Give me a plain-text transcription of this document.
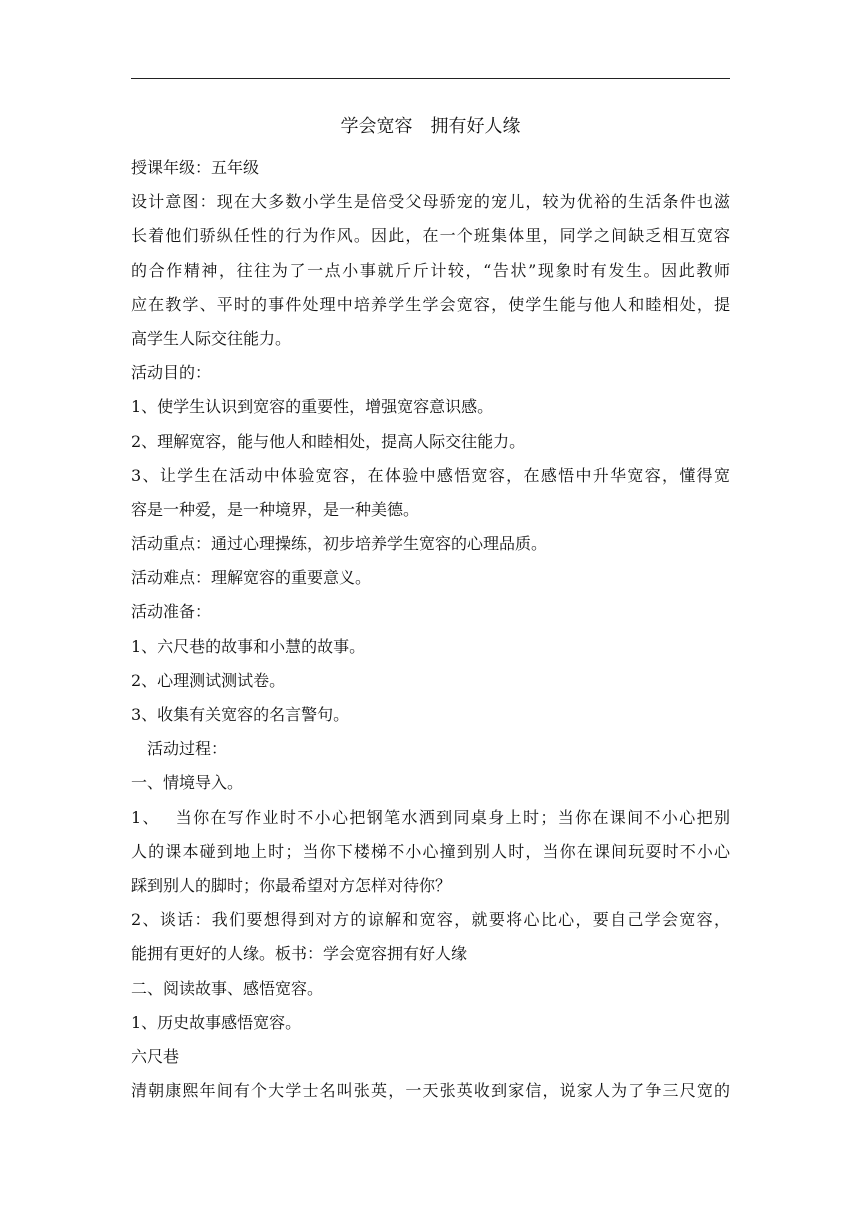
学会宽容　拥有好人缘
授课年级：五年级
设计意图：现在大多数小学生是倍受父母骄宠的宠儿，较为优裕的生活条件也滋
长着他们骄纵任性的行为作风。因此，在一个班集体里，同学之间缺乏相互宽容
的合作精神，往往为了一点小事就斤斤计较，“告状”现象时有发生。因此教师
应在教学、平时的事件处理中培养学生学会宽容，使学生能与他人和睦相处，提
高学生人际交往能力。
活动目的：
1、使学生认识到宽容的重要性，增强宽容意识感。
2、理解宽容，能与他人和睦相处，提高人际交往能力。
3、让学生在活动中体验宽容，在体验中感悟宽容，在感悟中升华宽容，懂得宽
容是一种爱，是一种境界，是一种美德。
活动重点：通过心理操练，初步培养学生宽容的心理品质。
活动难点：理解宽容的重要意义。
活动准备：
1、六尺巷的故事和小慧的故事。
2、心理测试测试卷。
3、收集有关宽容的名言警句。
活动过程：
一、情境导入。
1、　 当你在写作业时不小心把钢笔水洒到同桌身上时；当你在课间不小心把别
人的课本碰到地上时；当你下楼梯不小心撞到别人时，当你在课间玩耍时不小心
踩到别人的脚时；你最希望对方怎样对待你？
2、谈话：我们要想得到对方的谅解和宽容，就要将心比心，要自己学会宽容，
能拥有更好的人缘。板书：学会宽容拥有好人缘
二、阅读故事、感悟宽容。
1、历史故事感悟宽容。
六尺巷
清朝康熙年间有个大学士名叫张英，一天张英收到家信，说家人为了争三尺宽的
